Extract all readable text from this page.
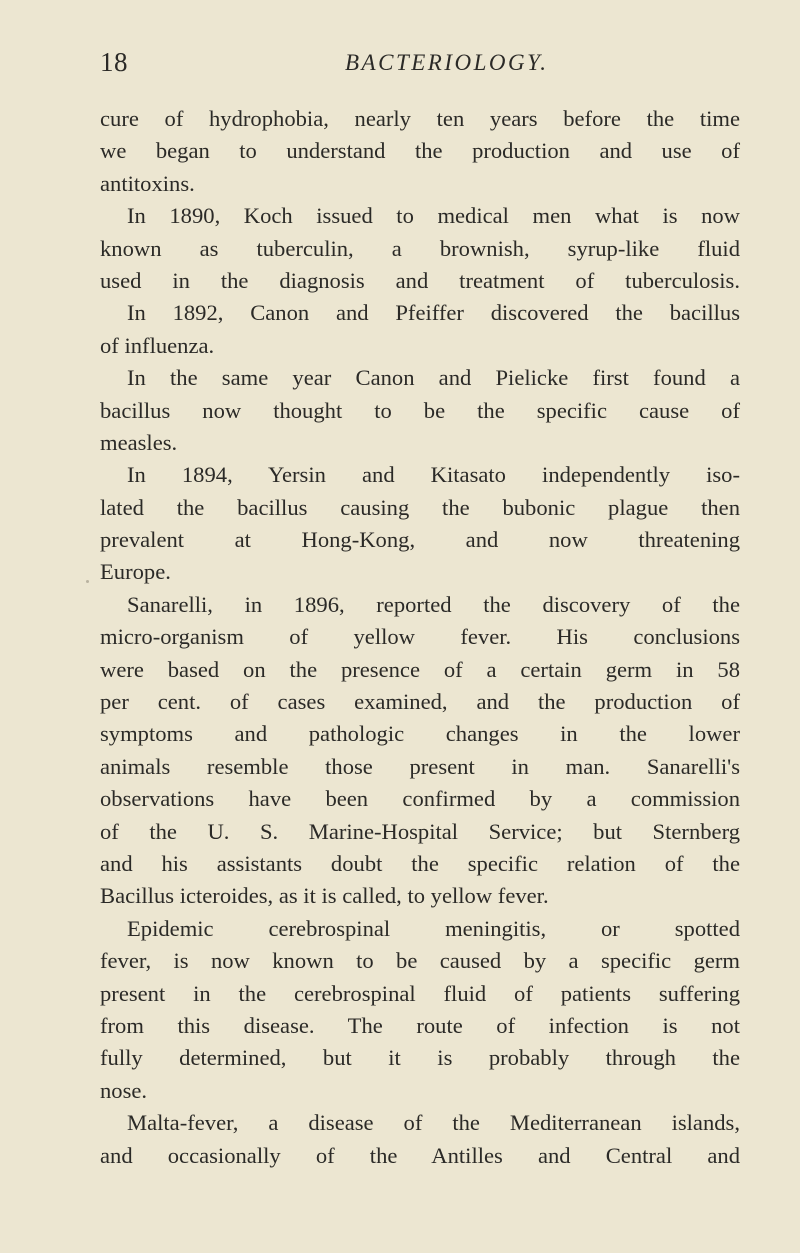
18	BACTERIOLOGY.
cure of hydrophobia, nearly ten years before the time
we began to understand the production and use of
antitoxins.
In 1890, Koch issued to medical men what is now
known as tuberculin, a brownish, syrup-like fluid
used in the diagnosis and treatment of tuberculosis.
In 1892, Canon and Pfeiffer discovered the bacillus
of influenza.
In the same year Canon and Pielicke first found a
bacillus now thought to be the specific cause of
measles.
In 1894, Yersin and Kitasato independently iso-
lated the bacillus causing the bubonic plague then
prevalent at Hong-Kong, and now threatening
Europe.
Sanarelli, in 1896, reported the discovery of the
micro-organism of yellow fever. His conclusions
were based on the presence of a certain germ in 58
per cent. of cases examined, and the production of
symptoms and pathologic changes in the lower
animals resemble those present in man. Sanarelli's
observations have been confirmed by a commission
of the U. S. Marine-Hospital Service; but Sternberg
and his assistants doubt the specific relation of the
Bacillus icteroides, as it is called, to yellow fever.
Epidemic cerebrospinal meningitis, or spotted
fever, is now known to be caused by a specific germ
present in the cerebrospinal fluid of patients suffering
from this disease. The route of infection is not
fully determined, but it is probably through the
nose.
Malta-fever, a disease of the Mediterranean islands,
and occasionally of the Antilles and Central and
